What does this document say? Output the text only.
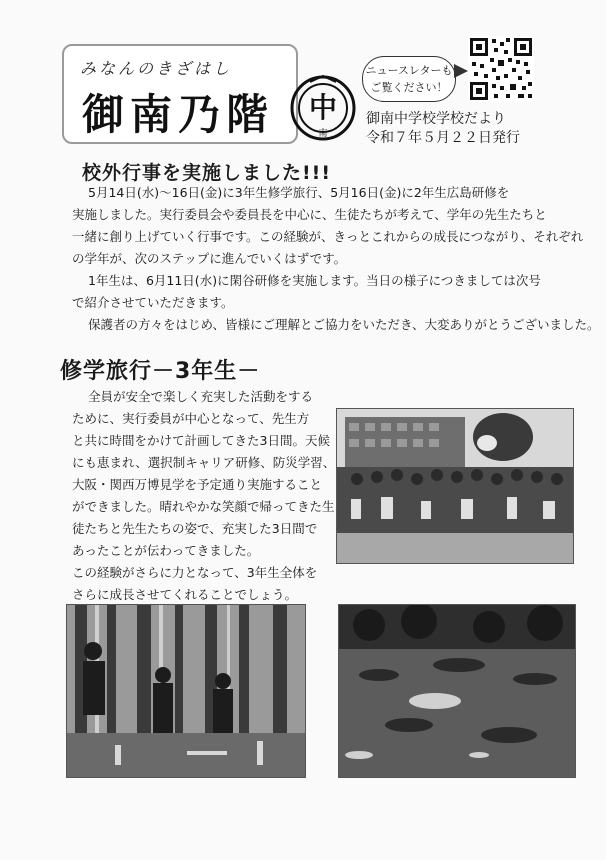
みなんのきざはし
御南乃階 中
南
ニュースレターも
ご覧ください！
御南中学校学校だより
令和７年５月２２日発行
校外行事を実施しました!!!
5月14日(水)〜16日(金)に3年生修学旅行、5月16日(金)に2年生広島研修を
実施しました。実行委員会や委員長を中心に、生徒たちが考えて、学年の先生たちと
一緒に創り上げていく行事です。この経験が、きっとこれからの成長につながり、それぞれ
の学年が、次のステップに進んでいくはずです。
1年生は、6月11日(水)に閑谷研修を実施します。当日の様子につきましては次号
で紹介させていただきます。
保護者の方々をはじめ、皆様にご理解とご協力をいただき、大変ありがとうございました。
修学旅行－3年生－
全員が安全で楽しく充実した活動をする
ために、実行委員が中心となって、先生方
と共に時間をかけて計画してきた3日間。天候
にも恵まれ、選択制キャリア研修、防災学習、
大阪・関西万博見学を予定通り実施すること
ができました。晴れやかな笑顔で帰ってきた生
徒たちと先生たちの姿で、充実した3日間で
あったことが伝わってきました。
この経験がさらに力となって、3年生全体を
さらに成長させてくれることでしょう。
